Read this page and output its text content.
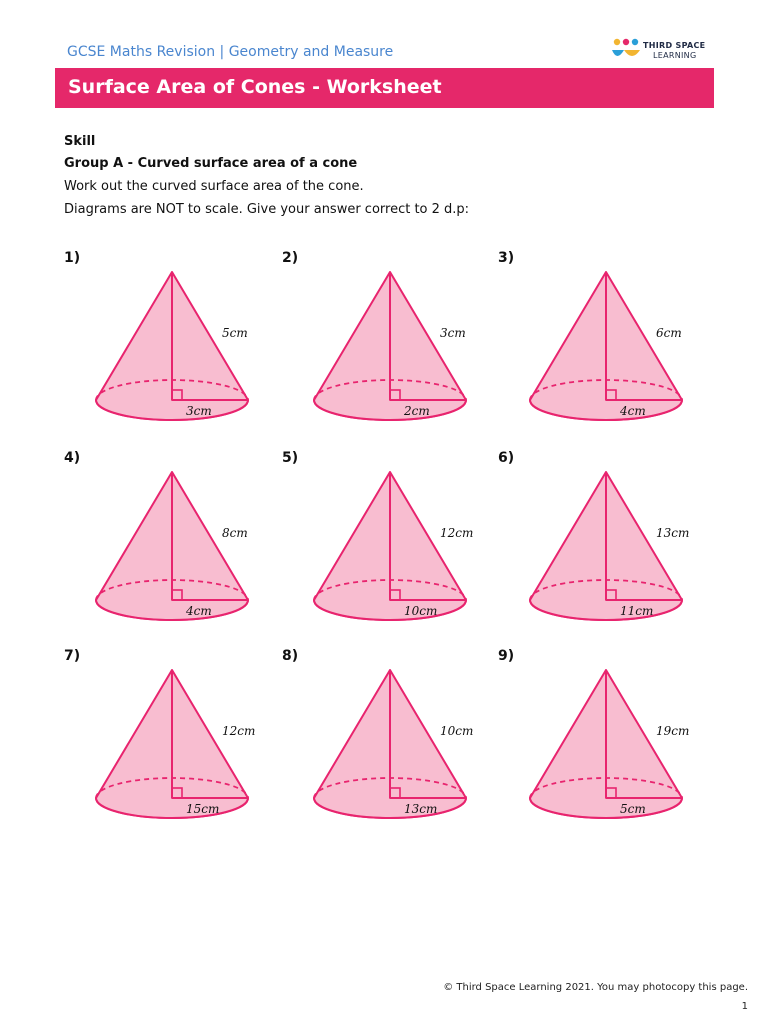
GCSE Maths Revision | Geometry and Measure	THIRD SPACE
LEARNING
Surface Area of Cones - Worksheet
Skill
Group A - Curved surface area of a cone
Work out the curved surface area of the cone.
Diagrams are NOT to scale. Give your answer correct to 2 d.p:
1)
5cm
3cm
2)
3cm
2cm
3)
6cm
4cm
4)
8cm
4cm
5)
12cm
10cm
6)
13cm
11cm
7)
12cm
15cm
8)
10cm
13cm
9)
19cm
5cm
© Third Space Learning 2021. You may photocopy this page.
1
